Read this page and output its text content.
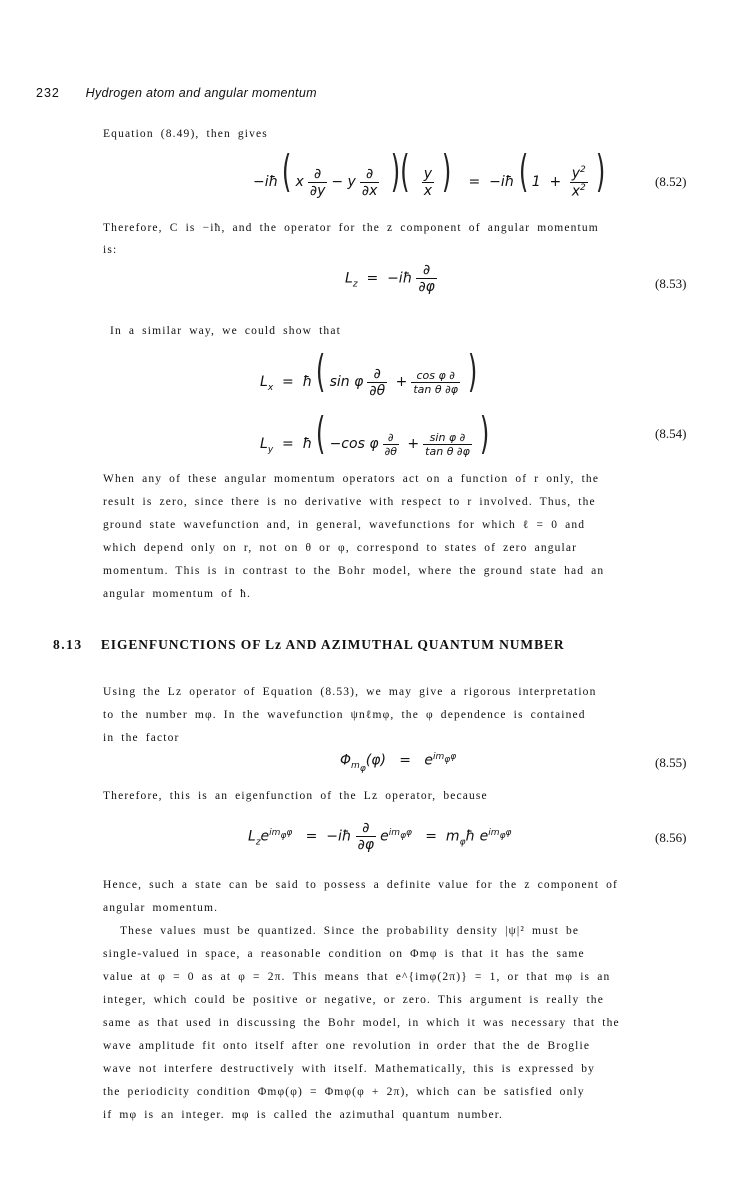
232 Hydrogen atom and angular momentum
Equation (8.49), then gives
−iħ( x $\frac{\partial}{\partial y} - y \frac{\partial}{\partial x}$ )( $\frac{y}{x}$ )   =  −iħ( $1 + \frac{y^2}{x^2}$ )	(8.52)
Therefore, C is −iħ, and the operator for the z component of angular momentum
is:
$L_z$  =  −iħ $\frac{\partial}{\partial\varphi}$	(8.53)
In a similar way, we could show that
$L_x$  =  ħ( sin φ $\frac{\partial}{\partial\theta} + \frac{\text{cos φ ∂}}{\text{tan θ ∂φ}}$ )
$L_y$  =  ħ( −cos φ $\frac{\partial}{\partial\theta} + \frac{\text{sin φ ∂}}{\text{tan θ ∂φ}}$ )	(8.54)
When any of these angular momentum operators act on a function of r only, the
result is zero, since there is no derivative with respect to r involved. Thus, the
ground state wavefunction and, in general, wavefunctions for which ℓ = 0 and
which depend only on r, not on θ or φ, correspond to states of zero angular
momentum. This is in contrast to the Bohr model, where the ground state had an
angular momentum of ħ.
8.13 EIGENFUNCTIONS OF Lz AND AZIMUTHAL QUANTUM NUMBER
Using the Lz operator of Equation (8.53), we may give a rigorous interpretation
to the number mφ. In the wavefunction ψnℓmφ, the φ dependence is contained
in the factor
$\Phi_{m_\varphi}(\varphi) = e^{im_\varphi\varphi}$	(8.55)
Therefore, this is an eigenfunction of the Lz operator, because
$L_ze^{im_\varphi\varphi}$   =  −iħ $\frac{\partial}{\partial\varphi} e^{im_\varphi\varphi}$   =  $m_\varphi ħ$ $e^{im_\varphi\varphi}$	(8.56)
Hence, such a state can be said to possess a definite value for the z component of
angular momentum.
These values must be quantized. Since the probability density |ψ|² must be
single-valued in space, a reasonable condition on Φmφ is that it has the same
value at φ = 0 as at φ = 2π. This means that e^{imφ(2π)} = 1, or that mφ is an
integer, which could be positive or negative, or zero. This argument is really the
same as that used in discussing the Bohr model, in which it was necessary that the
wave amplitude fit onto itself after one revolution in order that the de Broglie
wave not interfere destructively with itself. Mathematically, this is expressed by
the periodicity condition Φmφ(φ) = Φmφ(φ + 2π), which can be satisfied only
if mφ is an integer. mφ is called the azimuthal quantum number.
